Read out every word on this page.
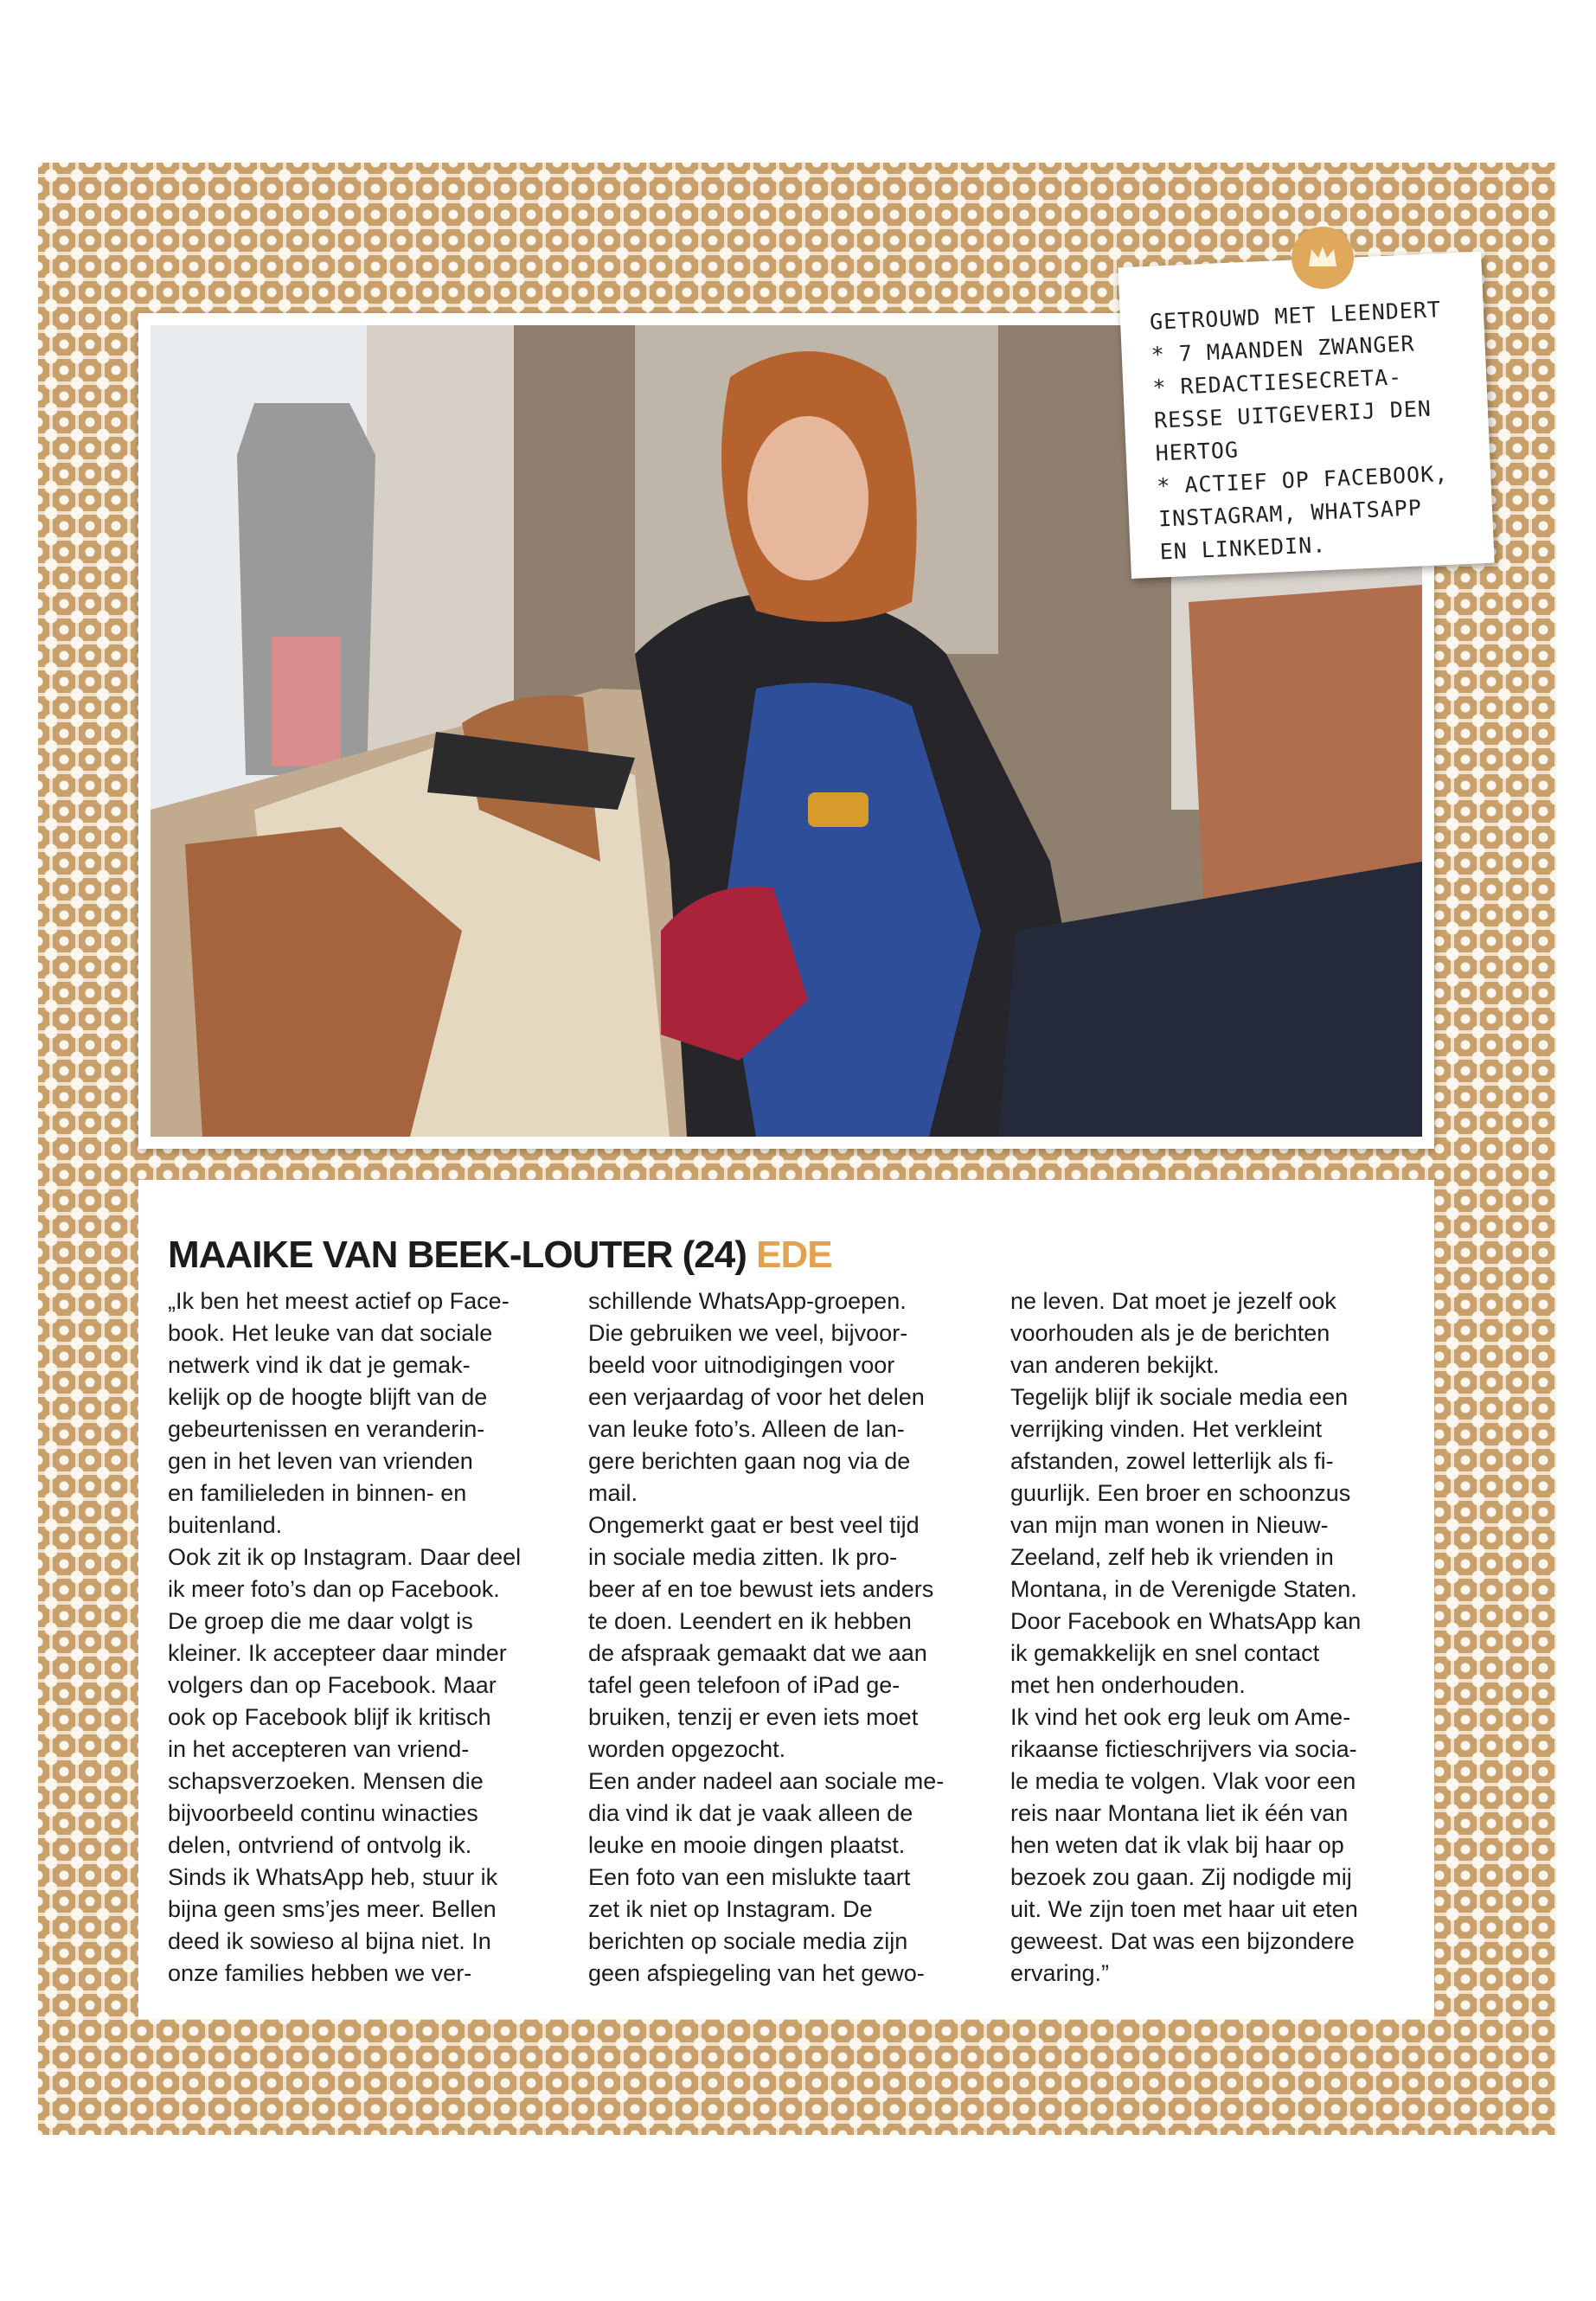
GETROUWD MET LEENDERT
* 7 MAANDEN ZWANGER
* REDACTIESECRETA-
RESSE UITGEVERIJ DEN
HERTOG
* ACTIEF OP FACEBOOK,
INSTAGRAM, WHATSAPP
EN LINKEDIN.
MAAIKE VAN BEEK-LOUTER (24) EDE
„Ik ben het meest actief op Face-
book. Het leuke van dat sociale
netwerk vind ik dat je gemak-
kelijk op de hoogte blijft van de
gebeurtenissen en veranderin-
gen in het leven van vrienden
en familieleden in binnen- en
buitenland.
Ook zit ik op Instagram. Daar deel
ik meer foto’s dan op Facebook.
De groep die me daar volgt is
kleiner. Ik accepteer daar minder
volgers dan op Facebook. Maar
ook op Facebook blijf ik kritisch
in het accepteren van vriend-
schapsverzoeken. Mensen die
bijvoorbeeld continu winacties
delen, ontvriend of ontvolg ik.
Sinds ik WhatsApp heb, stuur ik
bijna geen sms’jes meer. Bellen
deed ik sowieso al bijna niet. In
onze families hebben we ver-
schillende WhatsApp-groepen.
Die gebruiken we veel, bijvoor-
beeld voor uitnodigingen voor
een verjaardag of voor het delen
van leuke foto’s. Alleen de lan-
gere berichten gaan nog via de
mail.
Ongemerkt gaat er best veel tijd
in sociale media zitten. Ik pro-
beer af en toe bewust iets anders
te doen. Leendert en ik hebben
de afspraak gemaakt dat we aan
tafel geen telefoon of iPad ge-
bruiken, tenzij er even iets moet
worden opgezocht.
Een ander nadeel aan sociale me-
dia vind ik dat je vaak alleen de
leuke en mooie dingen plaatst.
Een foto van een mislukte taart
zet ik niet op Instagram. De
berichten op sociale media zijn
geen afspiegeling van het gewo-
ne leven. Dat moet je jezelf ook
voorhouden als je de berichten
van anderen bekijkt.
Tegelijk blijf ik sociale media een
verrijking vinden. Het verkleint
afstanden, zowel letterlijk als fi-
guurlijk. Een broer en schoonzus
van mijn man wonen in Nieuw-
Zeeland, zelf heb ik vrienden in
Montana, in de Verenigde Staten.
Door Facebook en WhatsApp kan
ik gemakkelijk en snel contact
met hen onderhouden.
Ik vind het ook erg leuk om Ame-
rikaanse fictieschrijvers via socia-
le media te volgen. Vlak voor een
reis naar Montana liet ik één van
hen weten dat ik vlak bij haar op
bezoek zou gaan. Zij nodigde mij
uit. We zijn toen met haar uit eten
geweest. Dat was een bijzondere
ervaring.”
